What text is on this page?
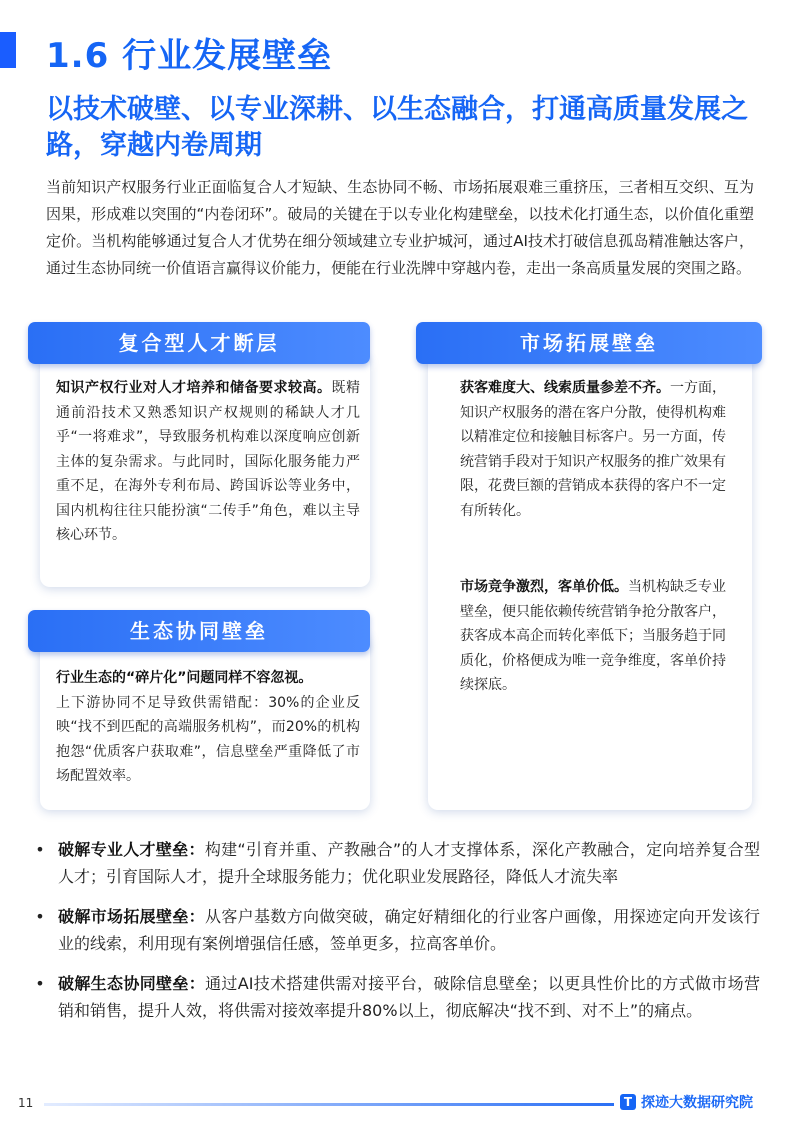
1.6 行业发展壁垒
以技术破壁、以专业深耕、以生态融合，打通高质量发展之路，穿越内卷周期

当前知识产权服务行业正面临复合人才短缺、生态协同不畅、市场拓展艰难三重挤压，三者相互交织、互为因果，形成难以突围的“内卷闭环”。破局的关键在于以专业化构建壁垒，以技术化打通生态，以价值化重塑定价。当机构能够通过复合人才优势在细分领域建立专业护城河，通过AI技术打破信息孤岛精准触达客户，通过生态协同统一价值语言赢得议价能力，便能在行业洗牌中穿越内卷，走出一条高质量发展的突围之路。

复合型人才断层

知识产权行业对人才培养和储备要求较高。既精通前沿技术又熟悉知识产权规则的稀缺人才几乎“一将难求”，导致服务机构难以深度响应创新主体的复杂需求。与此同时，国际化服务能力严重不足，在海外专利布局、跨国诉讼等业务中，国内机构往往只能扮演“二传手”角色，难以主导核心环节。

生态协同壁垒

行业生态的“碎片化”问题同样不容忽视。
上下游协同不足导致供需错配：30%的企业反映“找不到匹配的高端服务机构”，而20%的机构抱怨“优质客户获取难”，信息壁垒严重降低了市场配置效率。

市场拓展壁垒

获客难度大、线索质量参差不齐。一方面，知识产权服务的潜在客户分散，使得机构难以精准定位和接触目标客户。另一方面，传统营销手段对于知识产权服务的推广效果有限，花费巨额的营销成本获得的客户不一定有所转化。

市场竞争激烈，客单价低。当机构缺乏专业壁垒，便只能依赖传统营销争抢分散客户，获客成本高企而转化率低下；当服务趋于同质化，价格便成为唯一竞争维度，客单价持续探底。

• 破解专业人才壁垒：构建“引育并重、产教融合”的人才支撑体系，深化产教融合，定向培养复合型人才；引育国际人才，提升全球服务能力；优化职业发展路径，降低人才流失率
• 破解市场拓展壁垒：从客户基数方向做突破，确定好精细化的行业客户画像，用探迹定向开发该行业的线索，利用现有案例增强信任感，签单更多，拉高客单价。
• 破解生态协同壁垒：通过AI技术搭建供需对接平台，破除信息壁垒；以更具性价比的方式做市场营销和销售，提升人效，将供需对接效率提升80%以上，彻底解决“找不到、对不上”的痛点。
11	T 探迹大数据研究院
